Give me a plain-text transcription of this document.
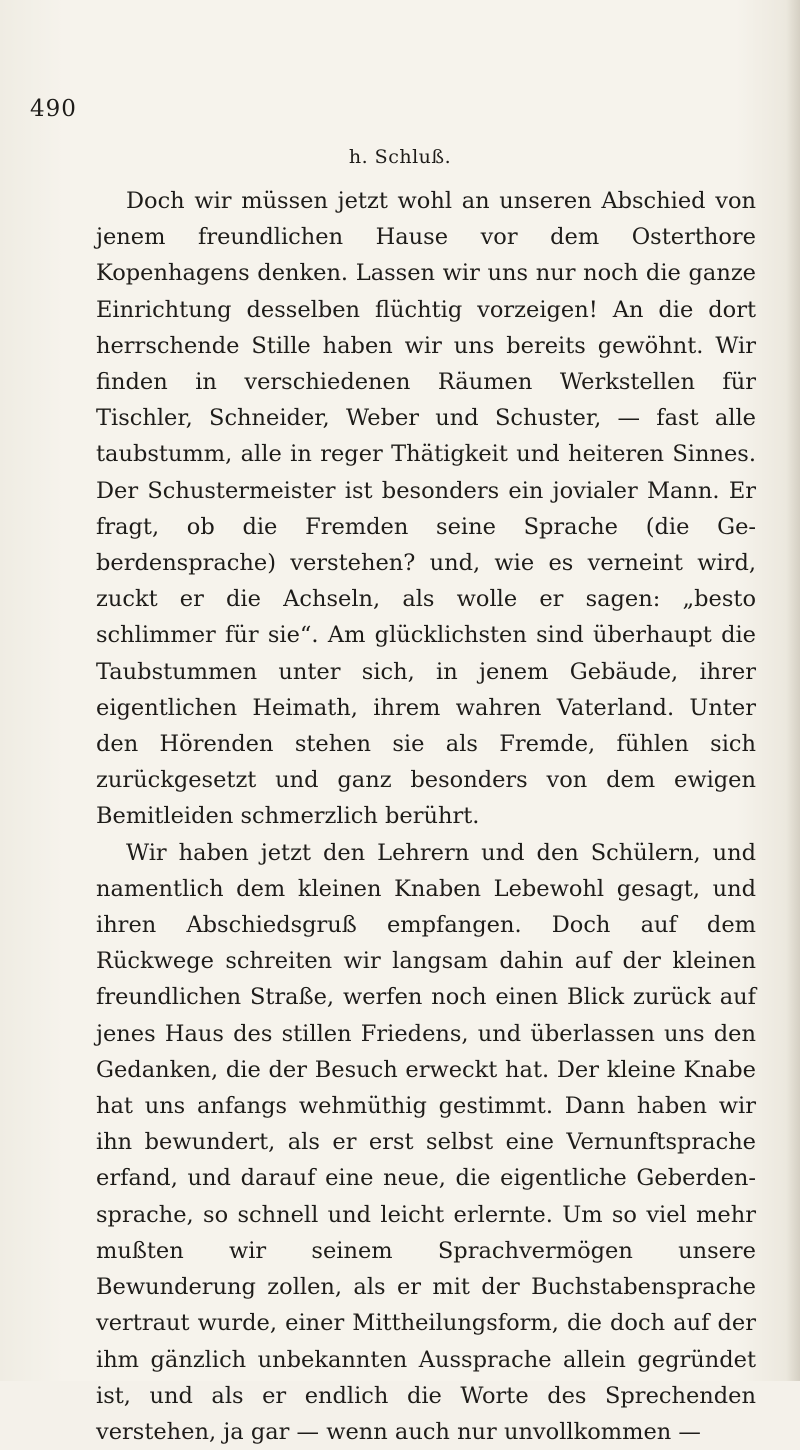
490
h. Schluß.

Doch wir müssen jetzt wohl an unseren Abschied von jenem freundlichen Hause vor dem Osterthore Kopenhagens denken. Lassen wir uns nur noch die ganze Einrichtung desselben flüchtig vorzeigen! An die dort herrschende Stille haben wir uns bereits gewöhnt. Wir finden in verschiedenen Räumen Werkstellen für Tischler, Schneider, Weber und Schuster, — fast alle taubstumm, alle in reger Thätigkeit und heiteren Sinnes. Der Schustermeister ist besonders ein jovialer Mann. Er fragt, ob die Fremden seine Sprache (die Geberdensprache) verstehen? und, wie es verneint wird, zuckt er die Achseln, als wolle er sagen: „besto schlimmer für sie“. Am glücklichsten sind überhaupt die Taubstummen unter sich, in jenem Gebäude, ihrer eigentlichen Heimath, ihrem wahren Vaterland. Unter den Hörenden stehen sie als Fremde, fühlen sich zurückgesetzt und ganz besonders von dem ewigen Bemitleiden schmerzlich berührt.

Wir haben jetzt den Lehrern und den Schülern, und namentlich dem kleinen Knaben Lebewohl gesagt, und ihren Abschiedsgruß empfangen. Doch auf dem Rückwege schreiten wir langsam dahin auf der kleinen freundlichen Straße, werfen noch einen Blick zurück auf jenes Haus des stillen Friedens, und überlassen uns den Gedanken, die der Besuch erweckt hat. Der kleine Knabe hat uns anfangs wehmüthig gestimmt. Dann haben wir ihn bewundert, als er erst selbst eine Vernunftsprache erfand, und darauf eine neue, die eigentliche Geberdensprache, so schnell und leicht erlernte. Um so viel mehr mußten wir seinem Sprachvermögen unsere Bewunderung zollen, als er mit der Buchstabensprache vertraut wurde, einer Mittheilungsform, die doch auf der ihm gänzlich unbekannten Aussprache allein gegründet ist, und als er endlich die Worte des Sprechenden verstehen, ja gar — wenn auch nur unvollkommen —
